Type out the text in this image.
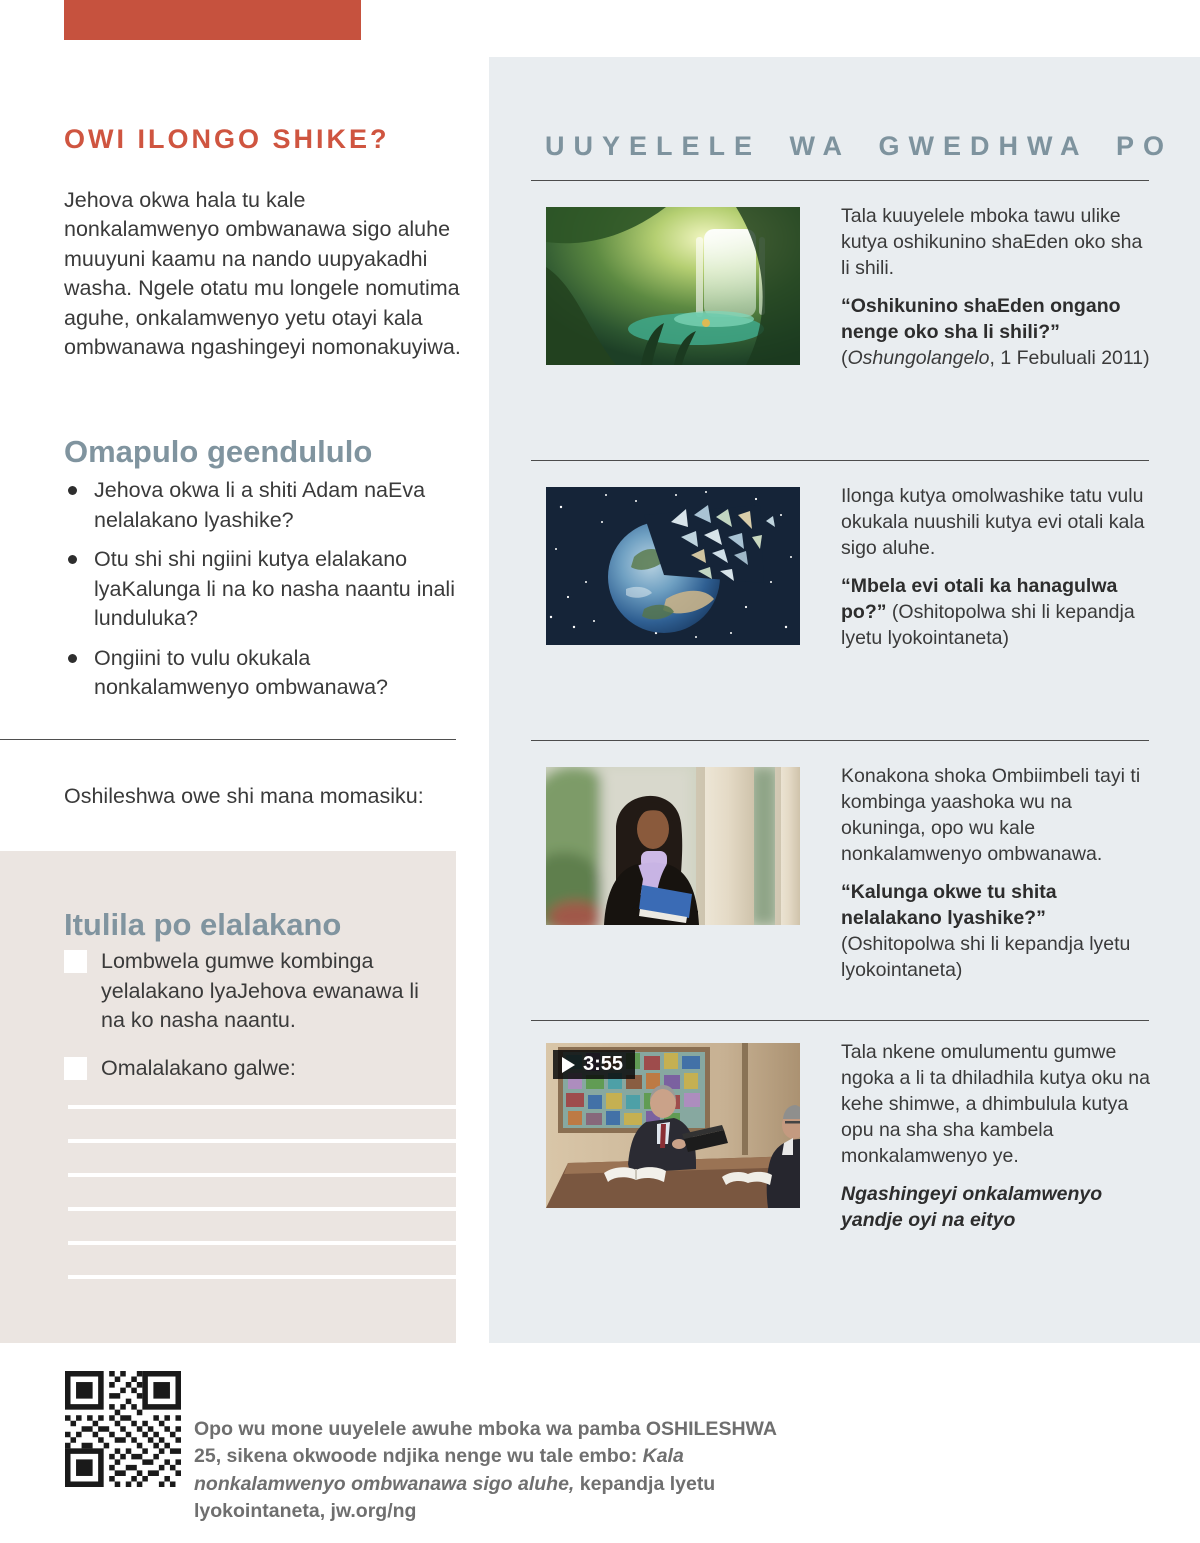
OWI ILONGO SHIKE?

Jehova okwa hala tu kale nonkalamwenyo ombwanawa sigo aluhe muuyuni kaamu na nando uupyakadhi washa. Ngele otatu mu longele nomutima aguhe, onkalamwenyo yetu otayi kala ombwanawa ngashingeyi nomonakuyiwa.

Omapulo geendululo
Jehova okwa li a shiti Adam naEva nelalakano lyashike?
Otu shi shi ngiini kutya elalakano lyaKalunga li na ko nasha naantu inali lunduluka?
Ongiini to vulu okukala nonkalamwenyo ombwanawa?

Oshileshwa owe shi mana momasiku:

Itulila po elalakano
Lombwela gumwe kombinga yelalakano lyaJehova ewanawa li na ko nasha naantu.
Omalalakano galwe:
UUYELELE WA GWEDHWA PO

Tala kuuyelele mboka tawu ulike kutya oshikunino shaEden oko sha li shili.

“Oshikunino shaEden ongano nenge oko sha li shili?” (Oshungolangelo, 1 Febuluali 2011)

Ilonga kutya omolwashike tatu vulu okukala nuushili kutya evi otali kala sigo aluhe.

“Mbela evi otali ka hanagulwa po?” (Oshitopolwa shi li kepandja lyetu lyokointaneta)

Konakona shoka Ombiimbeli tayi ti kombinga yaashoka wu na okuninga, opo wu kale nonkalamwenyo ombwanawa.

“Kalunga okwe tu shita nelalakano lyashike?” (Oshitopolwa shi li kepandja lyetu lyokointaneta)

3:55

Tala nkene omulumentu gumwe ngoka a li ta dhiladhila kutya oku na kehe shimwe, a dhimbulula kutya opu na sha sha kambela monkalamwenyo ye.

Ngashingeyi onkalamwenyo yandje oyi na eityo

Opo wu mone uuyelele awuhe mboka wa pamba OSHILESHWA 25, sikena okwoode ndjika nenge wu tale embo: Kala nonkalamwenyo ombwanawa sigo aluhe, kepandja lyetu lyokointaneta, jw.org/ng
